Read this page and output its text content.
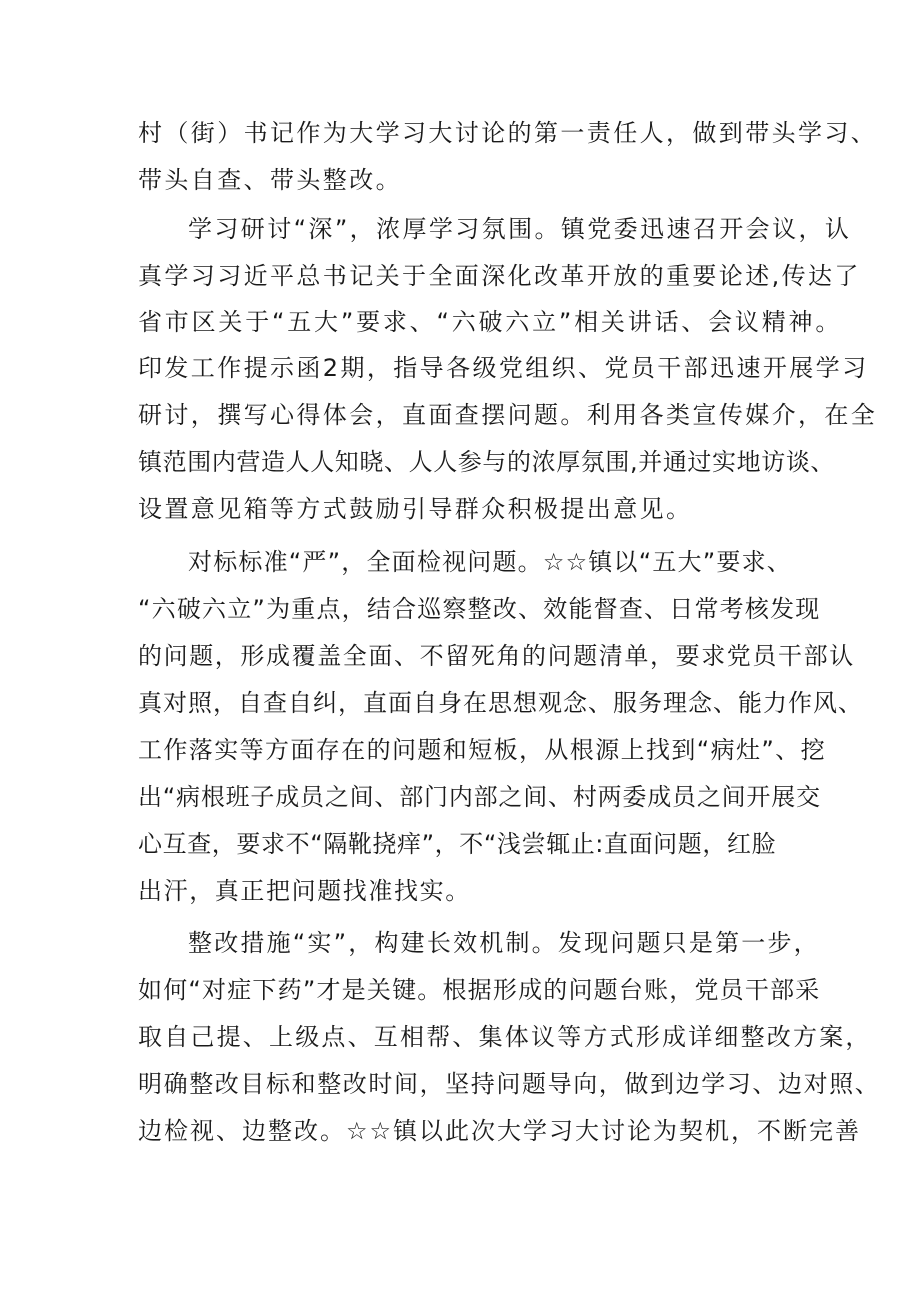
村（街）书记作为大学习大讨论的第一责任人，做到带头学习、

带头自查、带头整改。

学习研讨“深”，浓厚学习氛围。镇党委迅速召开会议，认

真学习习近平总书记关于全面深化改革开放的重要论述,传达了

省市区关于“五大”要求、“六破六立”相关讲话、会议精神。

印发工作提示函2期，指导各级党组织、党员干部迅速开展学习

研讨，撰写心得体会，直面查摆问题。利用各类宣传媒介，在全

镇范围内营造人人知晓、人人参与的浓厚氛围,并通过实地访谈、

设置意见箱等方式鼓励引导群众积极提出意见。

对标标准“严”，全面检视问题。☆☆镇以“五大”要求、

“六破六立”为重点，结合巡察整改、效能督查、日常考核发现

的问题，形成覆盖全面、不留死角的问题清单，要求党员干部认

真对照，自查自纠，直面自身在思想观念、服务理念、能力作风、

工作落实等方面存在的问题和短板，从根源上找到“病灶”、挖

出“病根班子成员之间、部门内部之间、村两委成员之间开展交

心互查，要求不“隔靴挠痒”，不“浅尝辄止:直面问题，红脸

出汗，真正把问题找准找实。

整改措施“实”，构建长效机制。发现问题只是第一步，

如何“对症下药”才是关键。根据形成的问题台账，党员干部采

取自己提、上级点、互相帮、集体议等方式形成详细整改方案，

明确整改目标和整改时间，坚持问题导向，做到边学习、边对照、

边检视、边整改。☆☆镇以此次大学习大讨论为契机，不断完善
